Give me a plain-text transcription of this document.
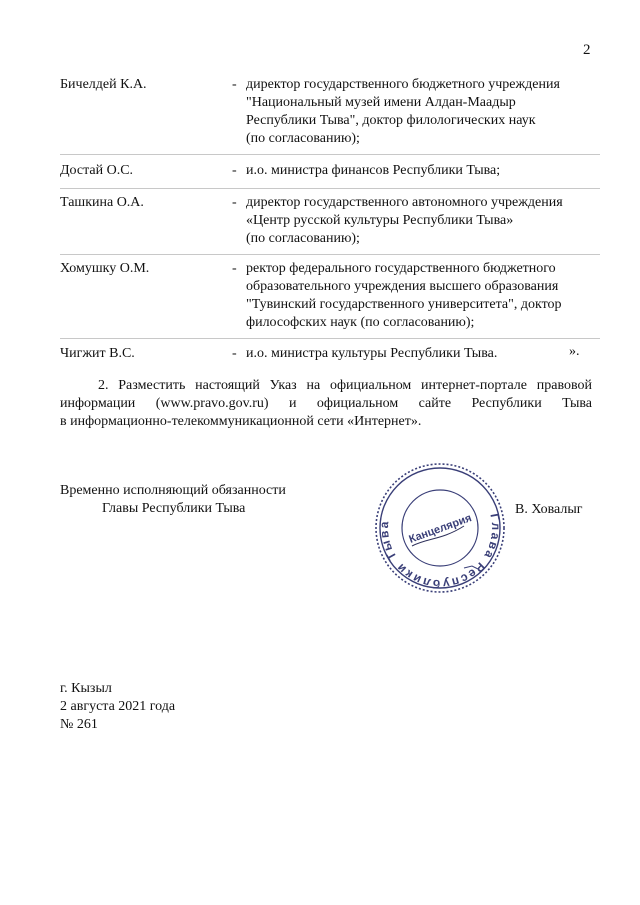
2
Бичелдей К.А.	- директор государственного бюджетного учреждения
"Национальный музей имени Алдан-Маадыр
Республики Тыва", доктор филологических наук
(по согласованию);
Достай О.С.	- и.о. министра финансов Республики Тыва;
Ташкина О.А.	- директор государственного автономного учреждения
«Центр русской культуры Республики Тыва»
(по согласованию);
Хомушку О.М.	- ректор федерального государственного бюджетного
образовательного учреждения высшего образования
"Тувинский государственного университета", доктор
философских наук (по согласованию);
Чигжит В.С.	- и.о. министра культуры Республики Тыва.	».
2. Разместить настоящий Указ на официальном интернет-портале правовой
информации (www.pravo.gov.ru) и официальном сайте Республики Тыва
в информационно-телекоммуникационной сети «Интернет».
Временно исполняющий обязанности
Главы Республики Тыва
Глава Республики Тыва	Канцелярия
В. Ховалыг
г. Кызыл
2 августа 2021 года
№ 261
